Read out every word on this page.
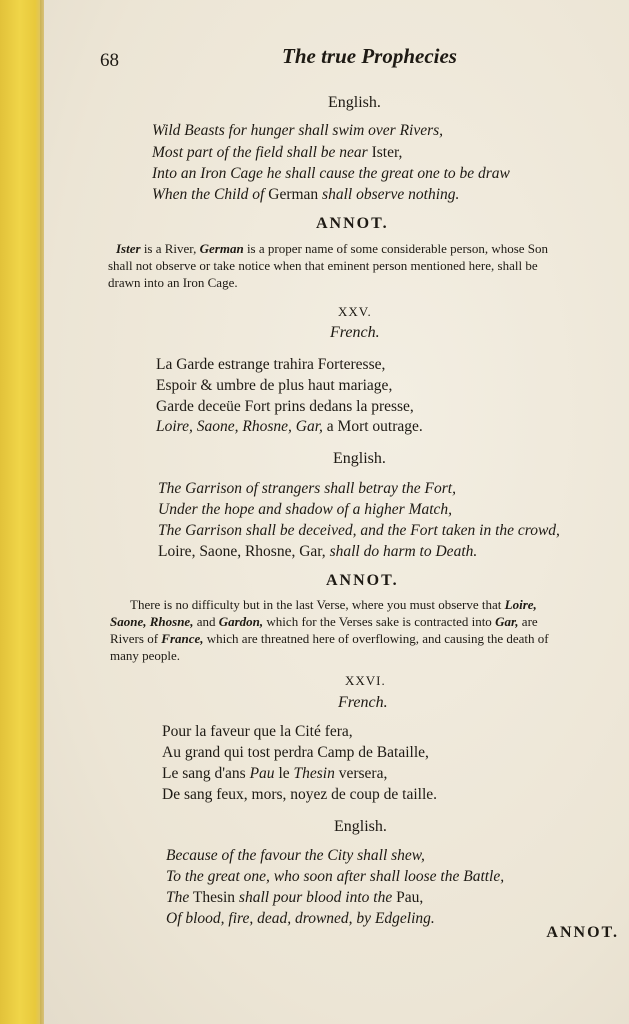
68	The true Prophecies
English.
Wild Beasts for hunger shall swim over Rivers,
Most part of the field shall be near Ister,
Into an Iron Cage he shall cause the great one to be draw
When the Child of German shall observe nothing.
ANNOT.
Ister is a River, German is a proper name of some considerable person, whose Son
shall not observe or take notice when that eminent person mentioned here, shall be
drawn into an Iron Cage.
XXV.
French.
La Garde estrange trahira Forteresse,
Espoir & umbre de plus haut mariage,
Garde deceüe Fort prins dedans la presse,
Loire, Saone, Rhosne, Gar, a Mort outrage.
English.
The Garrison of strangers shall betray the Fort,
Under the hope and shadow of a higher Match,
The Garrison shall be deceived, and the Fort taken in the crowd,
Loire, Saone, Rhosne, Gar, shall do harm to Death.
ANNOT.
There is no difficulty but in the last Verse, where you must observe that Loire,
Saone, Rhosne, and Gardon, which for the Verses sake is contracted into Gar, are
Rivers of France, which are threatned here of overflowing, and causing the death of
many people.
XXVI.
French.
Pour la faveur que la Cité fera,
Au grand qui tost perdra Camp de Bataille,
Le sang d'ans Pau le Thesin versera,
De sang feux, mors, noyez de coup de taille.
English.
Because of the favour the City shall shew,
To the great one, who soon after shall loose the Battle,
The Thesin shall pour blood into the Pau,
Of blood, fire, dead, drowned, by Edgeling.
ANNOT.
